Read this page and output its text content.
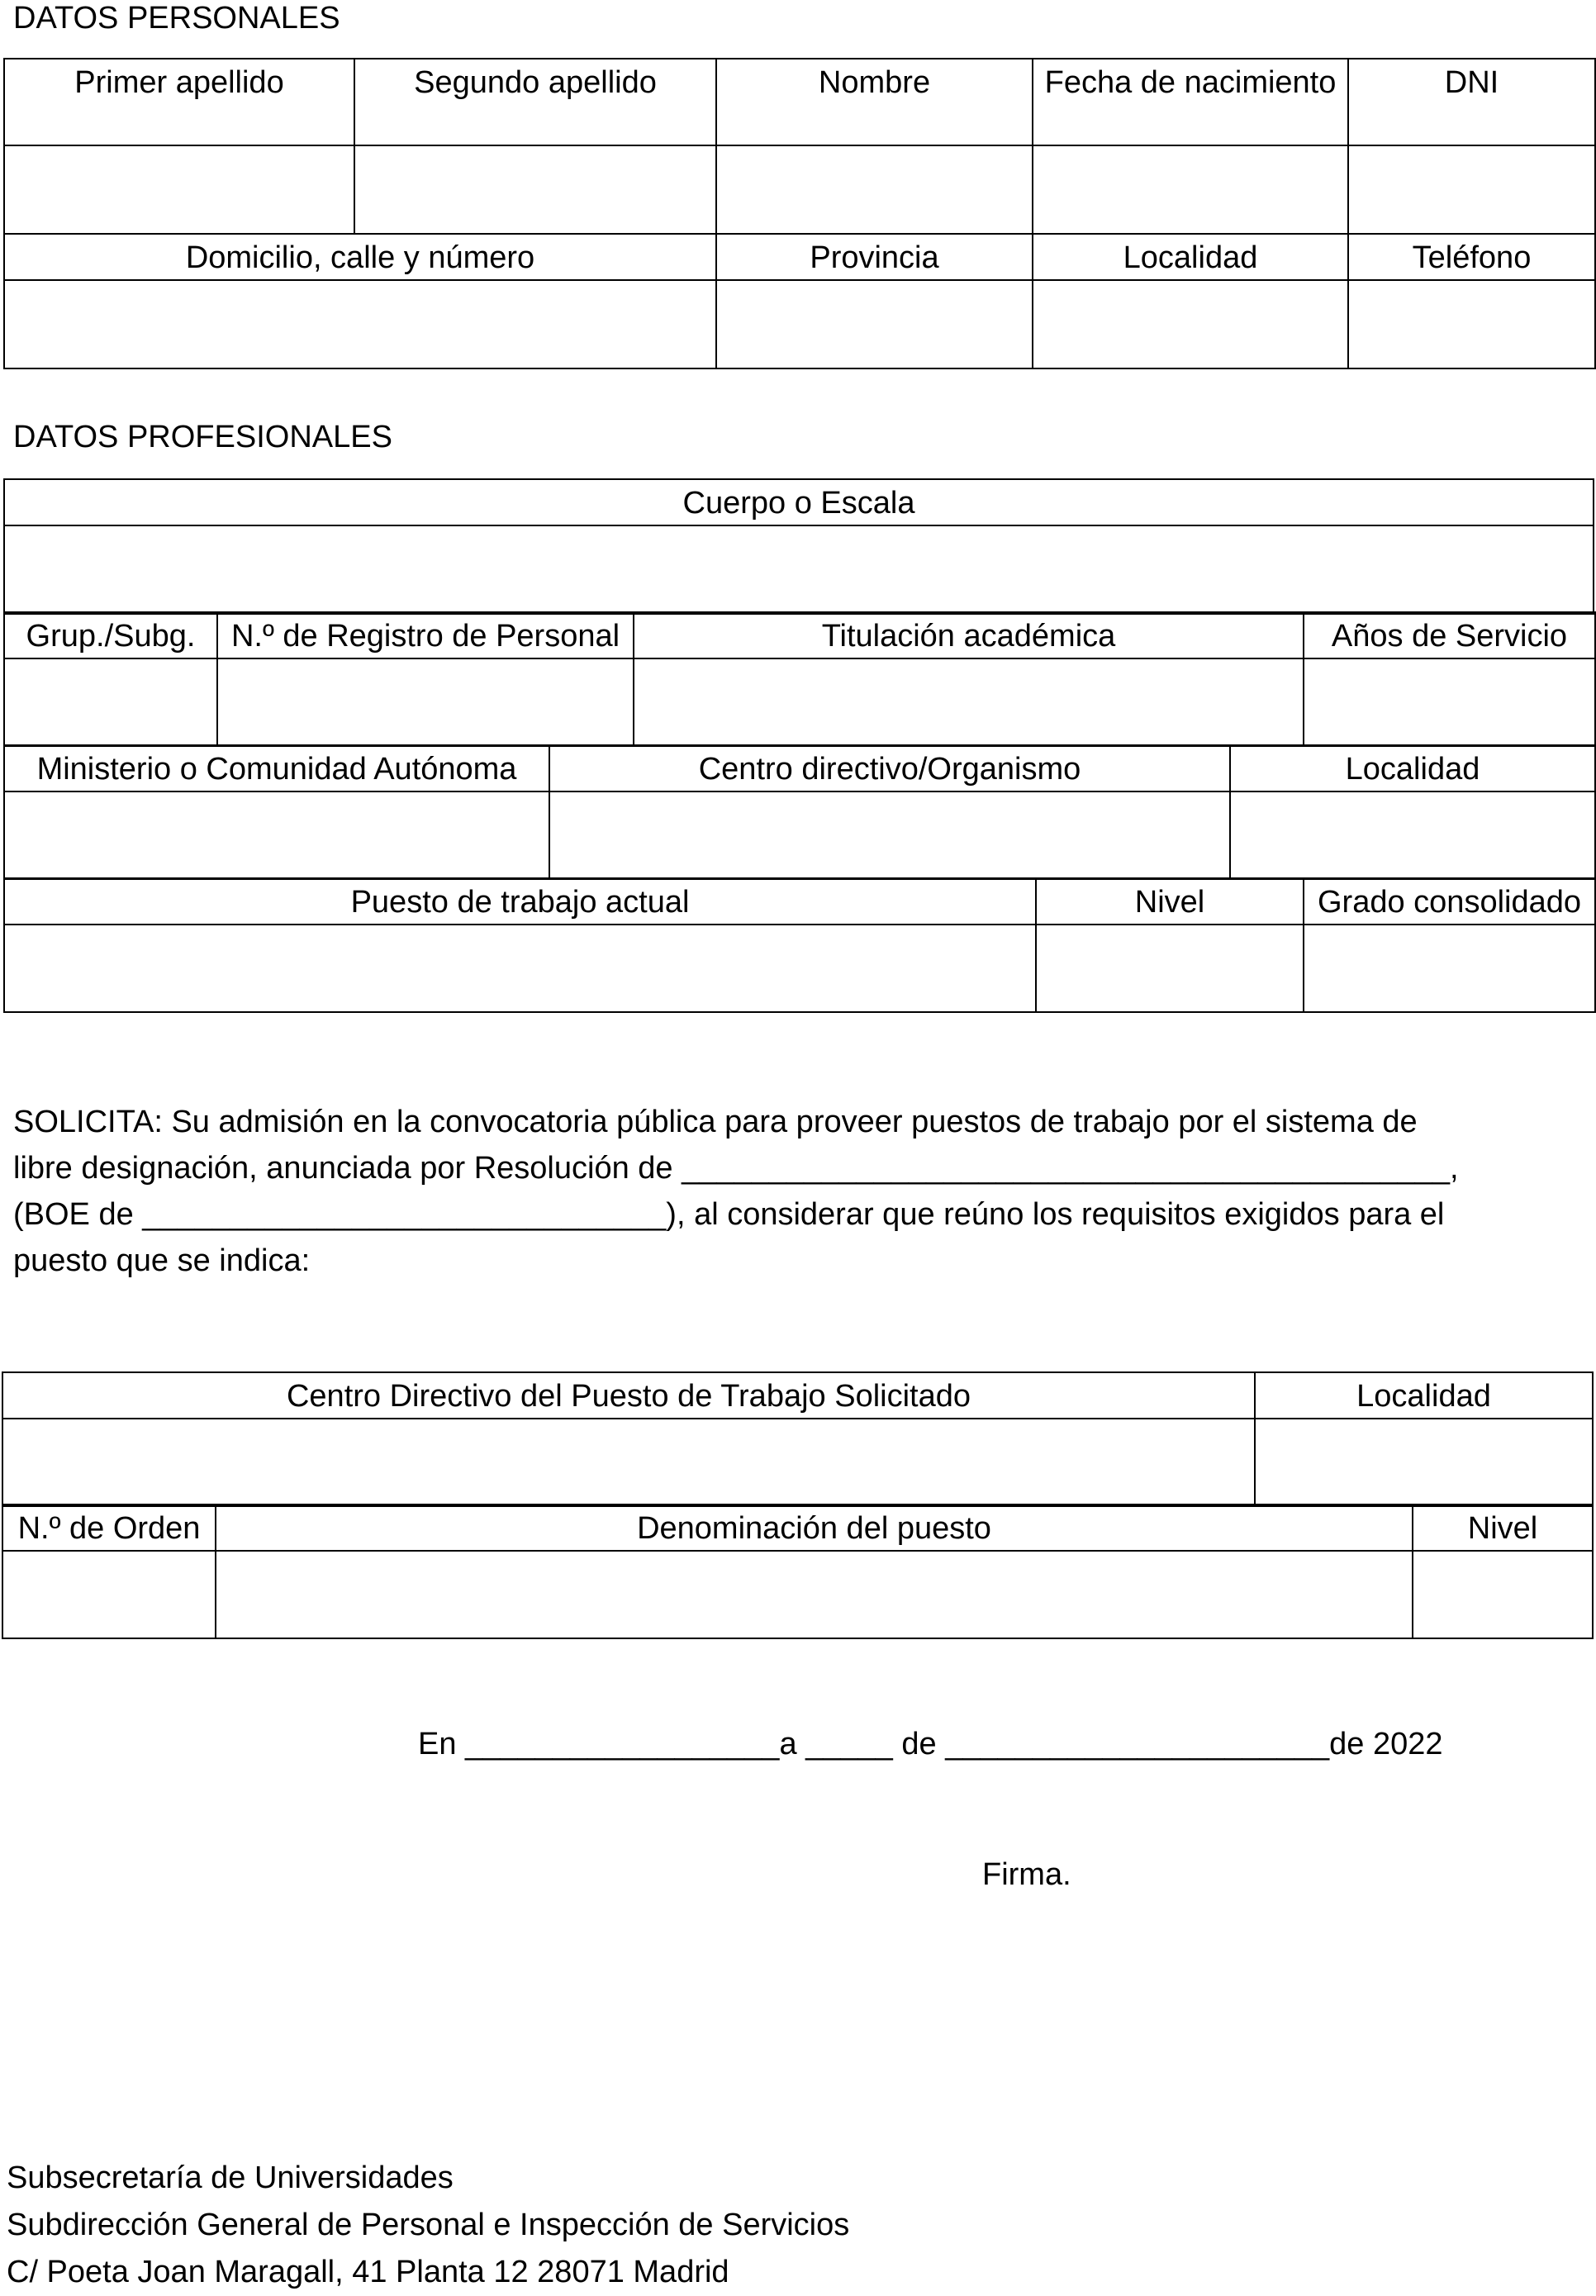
DATOS PERSONALES
Primer apellido	Segundo apellido	Nombre	Fecha de nacimiento	DNI

Domicilio, calle y número		Provincia	Localidad	Teléfono

DATOS PROFESIONALES
Cuerpo o Escala

Grup./Subg.	N.º de Registro de Personal	Titulación académica	Años de Servicio

Ministerio o Comunidad Autónoma	Centro directivo/Organismo	Localidad

Puesto de trabajo actual	Nivel	Grado consolidado

SOLICITA: Su admisión en la convocatoria pública para proveer puestos de trabajo por el sistema de
libre designación, anunciada por Resolución de ____________________________________________,
(BOE de ______________________________), al considerar que reúno los requisitos exigidos para el
puesto que se indica:
Centro Directivo del Puesto de Trabajo Solicitado	Localidad

N.º de Orden	Denominación del puesto	Nivel

En __________________a _____ de ______________________de 2022
Firma.
Subsecretaría de Universidades
Subdirección General de Personal e Inspección de Servicios
C/ Poeta Joan Maragall, 41 Planta 12 28071 Madrid
